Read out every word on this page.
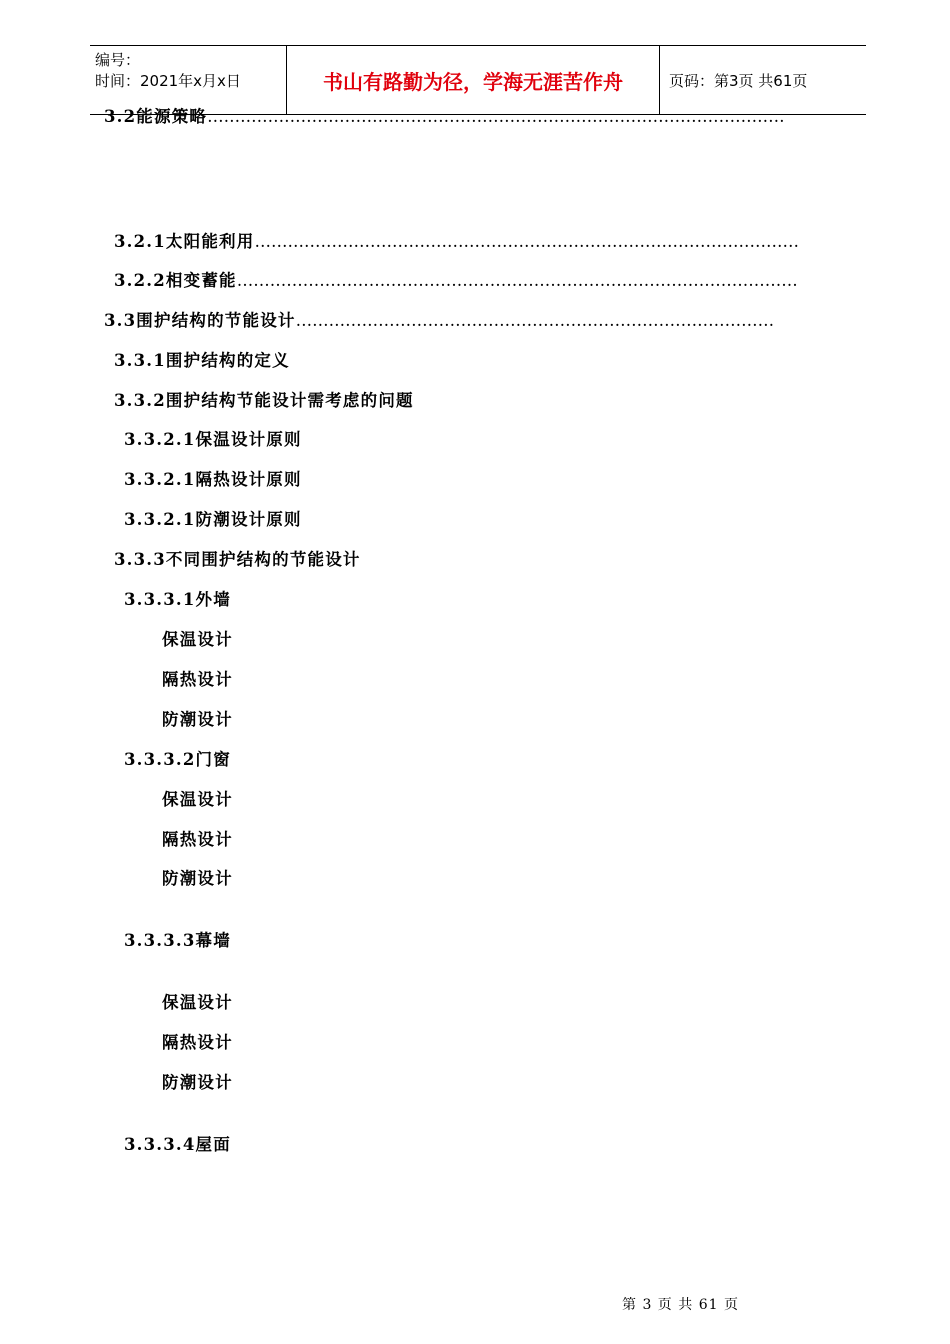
编号：
时间：2021年x月x日	书山有路勤为径，学海无涯苦作舟	页码：第3页 共61页
3.2能源策略……………………………………………………………………………………………
3.2.1太阳能利用………………………………………………………………………………………
3.2.2相变蓄能…………………………………………………………………………………………
3.3围护结构的节能设计……………………………………………………………………………
3.3.1围护结构的定义
3.3.2围护结构节能设计需考虑的问题
3.3.2.1保温设计原则
3.3.2.1隔热设计原则
3.3.2.1防潮设计原则
3.3.3不同围护结构的节能设计
3.3.3.1外墙
保温设计
隔热设计
防潮设计
3.3.3.2门窗
保温设计
隔热设计
防潮设计
3.3.3.3幕墙
保温设计
隔热设计
防潮设计
3.3.3.4屋面
第 3 页 共 61 页
